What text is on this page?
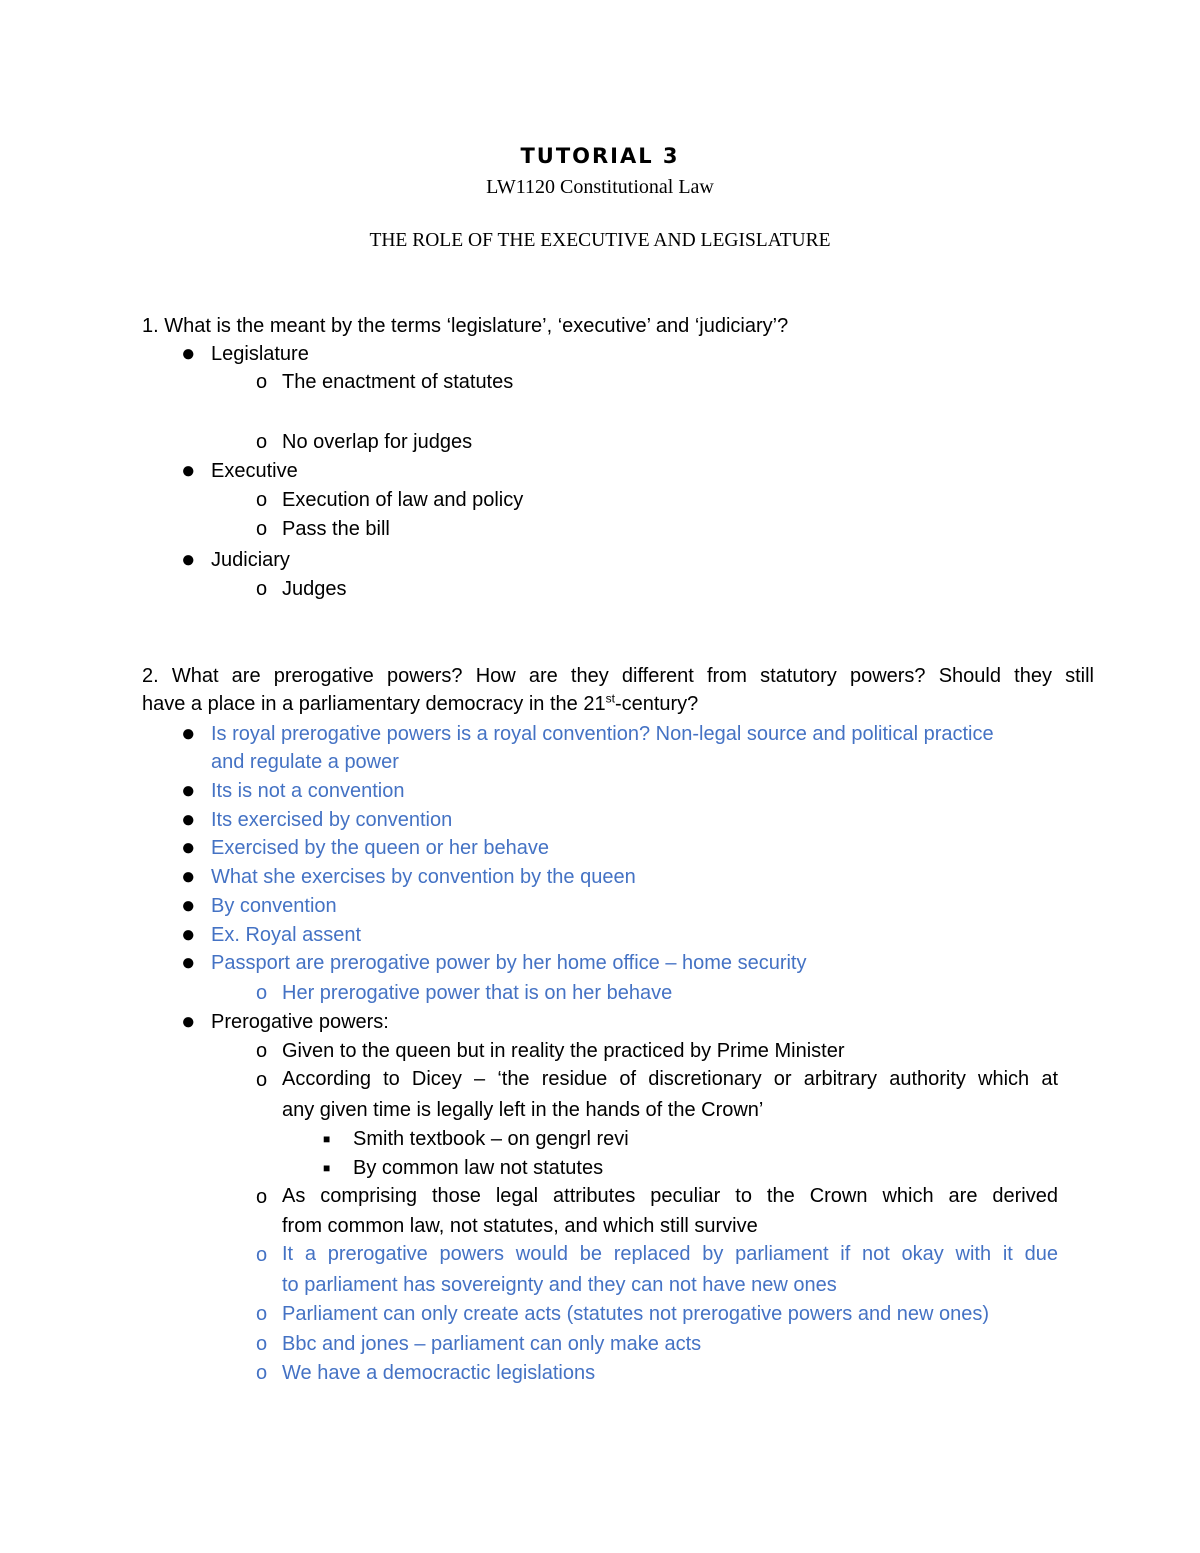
TUTORIAL 3
LW1120 Constitutional Law
THE ROLE OF THE EXECUTIVE AND LEGISLATURE
1. What is the meant by the terms ‘legislature’, ‘executive’ and ‘judiciary’?
● Legislature
o The enactment of statutes
o No overlap for judges
● Executive
o Execution of law and policy
o Pass the bill
● Judiciary
o Judges
2. What are prerogative powers? How are they different from statutory powers? Should they still
have a place in a parliamentary democracy in the 21st-century?
● Is royal prerogative powers is a royal convention? Non-legal source and political practice
and regulate a power
● Its is not a convention
● Its exercised by convention
● Exercised by the queen or her behave
● What she exercises by convention by the queen
● By convention
● Ex. Royal assent
● Passport are prerogative power by her home office – home security
o Her prerogative power that is on her behave
● Prerogative powers:
o Given to the queen but in reality the practiced by Prime Minister
o According to Dicey – ‘the residue of discretionary or arbitrary authority which at
any given time is legally left in the hands of the Crown’
■ Smith textbook – on gengrl revi
■ By common law not statutes
o As comprising those legal attributes peculiar to the Crown which are derived
from common law, not statutes, and which still survive
o It a prerogative powers would be replaced by parliament if not okay with it due
to parliament has sovereignty and they can not have new ones
o Parliament can only create acts (statutes not prerogative powers and new ones)
o Bbc and jones – parliament can only make acts
o We have a democractic legislations
